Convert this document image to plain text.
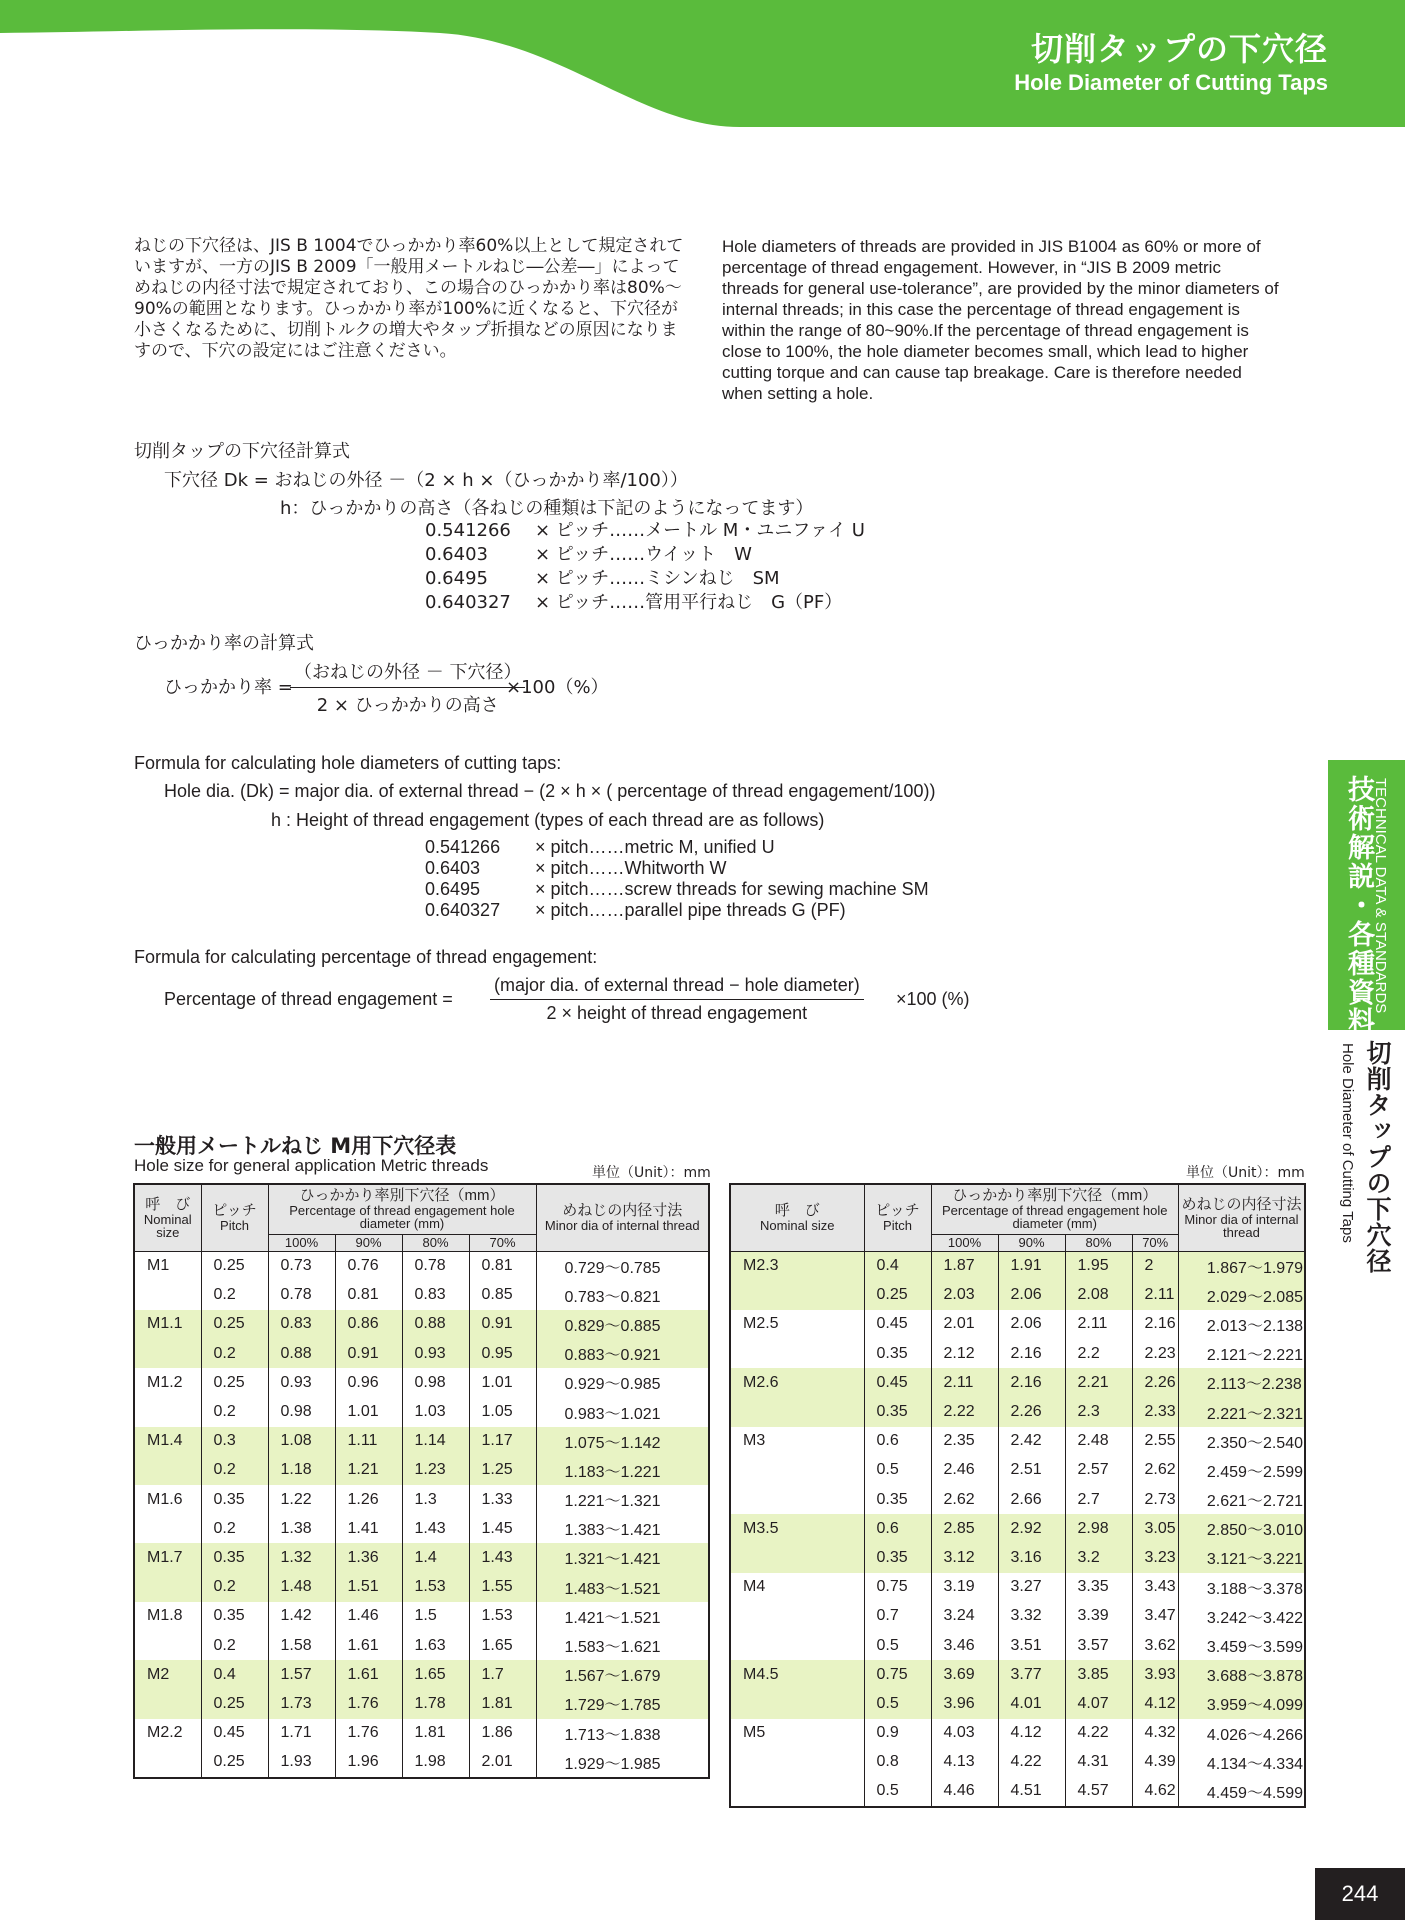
切削タップの下穴径
Hole Diameter of Cutting Taps

ねじの下穴径は、JIS B 1004でひっかかり率60%以上として規定されていますが、一方のJIS B 2009「一般用メートルねじ―公差―」によってめねじの内径寸法で規定されており、この場合のひっかかり率は80%～90%の範囲となります。ひっかかり率が100%に近くなると、下穴径が小さくなるために、切削トルクの増大やタップ折損などの原因になりますので、下穴の設定にはご注意ください。

Hole diameters of threads are provided in JIS B1004 as 60% or more of percentage of thread engagement. However, in “JIS B 2009 metric threads for general use-tolerance”, are provided by the minor diameters of internal threads; in this case the percentage of thread engagement is within the range of 80~90%.If the percentage of thread engagement is close to 100%, the hole diameter becomes small, which lead to higher cutting torque and can cause tap breakage. Care is therefore needed when setting a hole.

切削タップの下穴径計算式
下穴径 Dk = おねじの外径 －（2 × h ×（ひっかかり率/100））
h：ひっかかりの高さ（各ねじの種類は下記のようになってます）
0.541266	× ピッチ……メートル M・ユニファイ U
0.6403	× ピッチ……ウイット　W
0.6495	× ピッチ……ミシンねじ　SM
0.640327	× ピッチ……管用平行ねじ　G（PF）
ひっかかり率の計算式
ひっかかり率 =
（おねじの外径 － 下穴径）
2 × ひっかかりの高さ
×100（%）
Formula for calculating hole diameters of cutting taps:
Hole dia. (Dk) = major dia. of external thread − (2 × h × ( percentage of thread engagement/100))
h : Height of thread engagement (types of each thread are as follows)
0.541266	× pitch……metric M, unified U
0.6403	× pitch……Whitworth W
0.6495	× pitch……screw threads for sewing machine SM
0.640327	× pitch……parallel pipe threads G (PF)
Formula for calculating percentage of thread engagement:
Percentage of thread engagement =
(major dia. of external thread − hole diameter)
2 × height of thread engagement
×100 (%)
一般用メートルねじ M用下穴径表
Hole size for general application Metric threads	単位（Unit）：mm	単位（Unit）：mm
呼　び
Nominal size	ピッチ
Pitch	ひっかかり率別下穴径（mm）
Percentage of thread engagement hole diameter (mm)				めねじの内径寸法
Minor dia of internal thread
		100%	90%	80%	70%	
M1	0.25	0.73	0.76	0.78	0.81	0.729～0.785
	0.2	0.78	0.81	0.83	0.85	0.783～0.821
M1.1	0.25	0.83	0.86	0.88	0.91	0.829～0.885
	0.2	0.88	0.91	0.93	0.95	0.883～0.921
M1.2	0.25	0.93	0.96	0.98	1.01	0.929～0.985
	0.2	0.98	1.01	1.03	1.05	0.983～1.021
M1.4	0.3	1.08	1.11	1.14	1.17	1.075～1.142
	0.2	1.18	1.21	1.23	1.25	1.183～1.221
M1.6	0.35	1.22	1.26	1.3	1.33	1.221～1.321
	0.2	1.38	1.41	1.43	1.45	1.383～1.421
M1.7	0.35	1.32	1.36	1.4	1.43	1.321～1.421
	0.2	1.48	1.51	1.53	1.55	1.483～1.521
M1.8	0.35	1.42	1.46	1.5	1.53	1.421～1.521
	0.2	1.58	1.61	1.63	1.65	1.583～1.621
M2	0.4	1.57	1.61	1.65	1.7	1.567～1.679
	0.25	1.73	1.76	1.78	1.81	1.729～1.785
M2.2	0.45	1.71	1.76	1.81	1.86	1.713～1.838
	0.25	1.93	1.96	1.98	2.01	1.929～1.985
呼　び
Nominal size	ピッチ
Pitch	ひっかかり率別下穴径（mm）
Percentage of thread engagement hole diameter (mm)				めねじの内径寸法
Minor dia of internal thread
		100%	90%	80%	70%	
M2.3	0.4	1.87	1.91	1.95	2	1.867～1.979
	0.25	2.03	2.06	2.08	2.11	2.029～2.085
M2.5	0.45	2.01	2.06	2.11	2.16	2.013～2.138
	0.35	2.12	2.16	2.2	2.23	2.121～2.221
M2.6	0.45	2.11	2.16	2.21	2.26	2.113～2.238
	0.35	2.22	2.26	2.3	2.33	2.221～2.321
M3	0.6	2.35	2.42	2.48	2.55	2.350～2.540
	0.5	2.46	2.51	2.57	2.62	2.459～2.599
	0.35	2.62	2.66	2.7	2.73	2.621～2.721
M3.5	0.6	2.85	2.92	2.98	3.05	2.850～3.010
	0.35	3.12	3.16	3.2	3.23	3.121～3.221
M4	0.75	3.19	3.27	3.35	3.43	3.188～3.378
	0.7	3.24	3.32	3.39	3.47	3.242～3.422
	0.5	3.46	3.51	3.57	3.62	3.459～3.599
M4.5	0.75	3.69	3.77	3.85	3.93	3.688～3.878
	0.5	3.96	4.01	4.07	4.12	3.959～4.099
M5	0.9	4.03	4.12	4.22	4.32	4.026～4.266
	0.8	4.13	4.22	4.31	4.39	4.134～4.334
	0.5	4.46	4.51	4.57	4.62	4.459～4.599
技術解説・各種資料
TECHNICAL DATA & STANDARDS
切削タップの下穴径
Hole Diameter of Cutting Taps
244
